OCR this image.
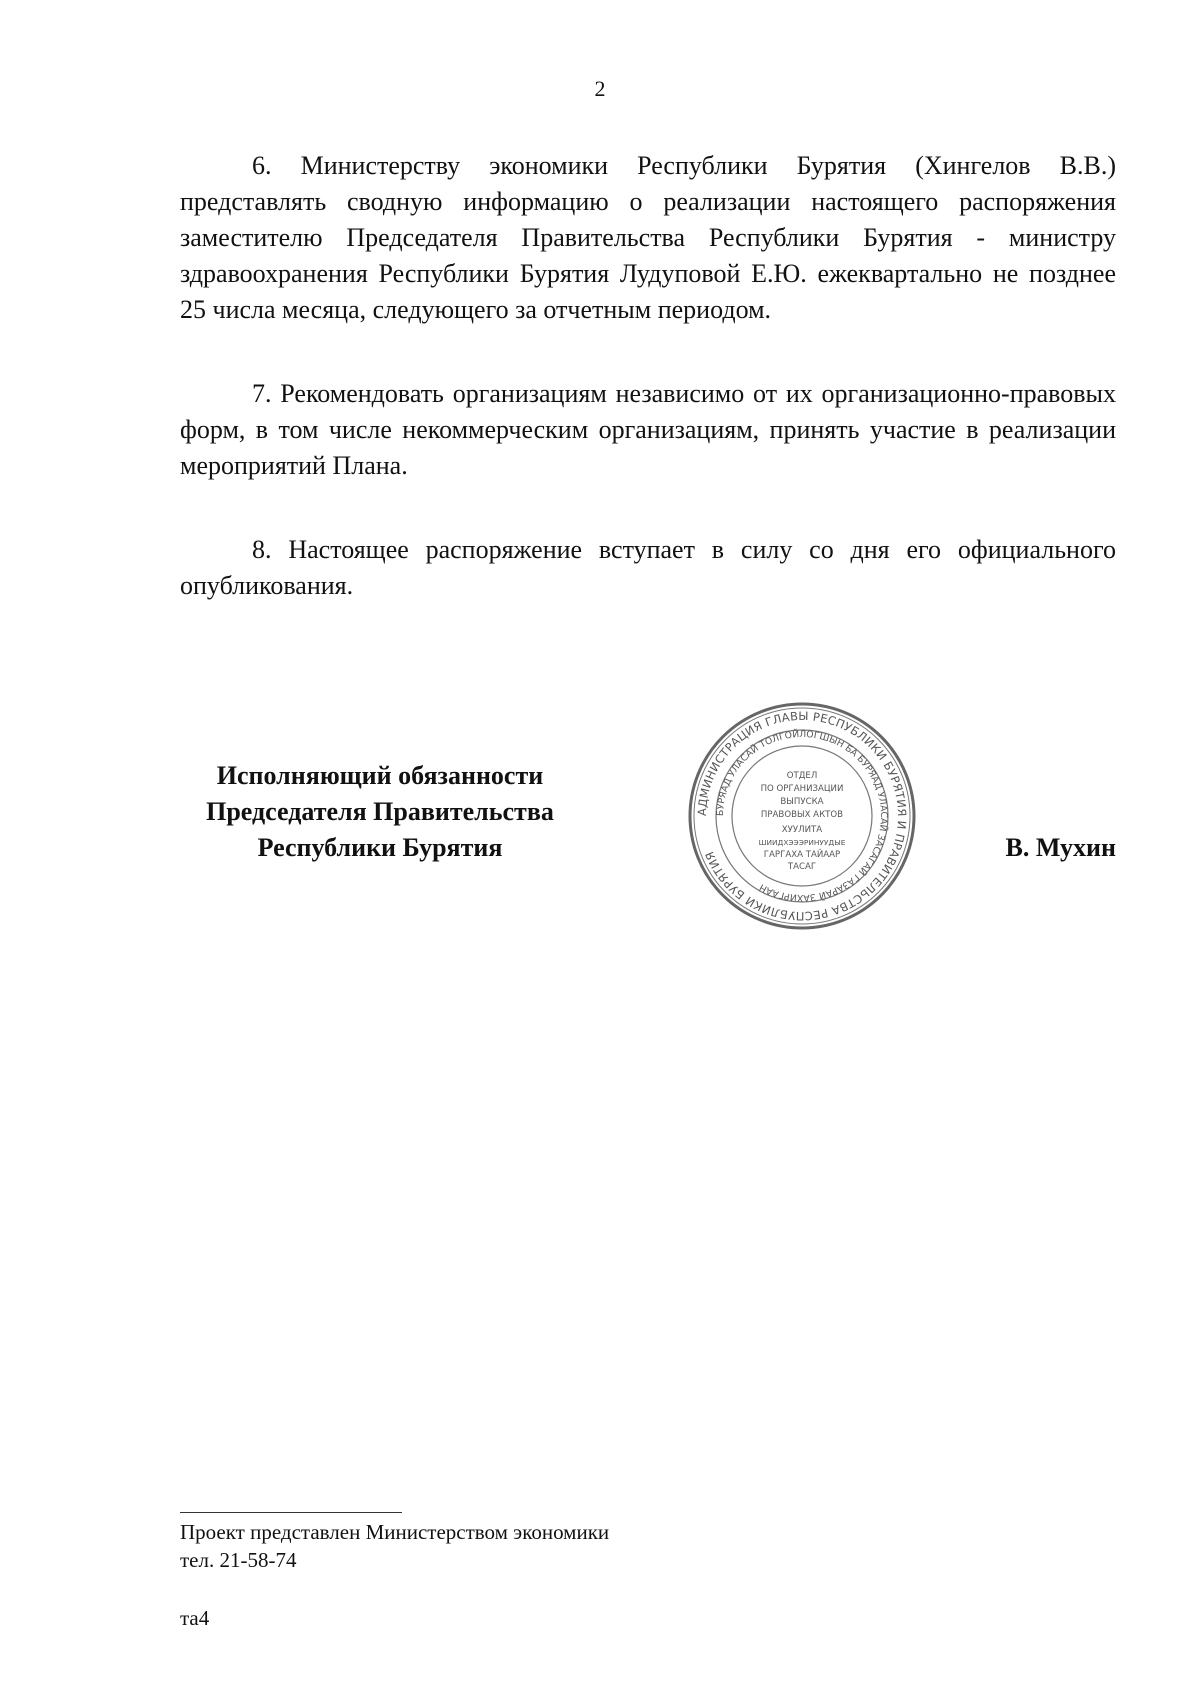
2

6. Министерству экономики Республики Бурятия (Хингелов В.В.) представлять сводную информацию о реализации настоящего распоряжения заместителю Председателя Правительства Республики Бурятия - министру здравоохранения Республики Бурятия Лудуповой Е.Ю. ежеквартально не позднее 25 числа месяца, следующего за отчетным периодом.

7. Рекомендовать организациям независимо от их организационно-правовых форм, в том числе некоммерческим организациям, принять участие в реализации мероприятий Плана.

8. Настоящее распоряжение вступает в силу со дня его официального опубликования.

Исполняющий обязанности
Председателя Правительства
Республики Бурятия
АДМИНИСТРАЦИЯ ГЛАВЫ РЕСПУБЛИКИ БУРЯТИЯ И ПРАВИТЕЛЬСТВА РЕСПУБЛИКИ БУРЯТИЯ
БУРЯАД УЛАСАЙ ТОЛГОЙЛОГШЫН БА БУРЯАД УЛАСАЙ ЗАСАГАЙ ГАЗАРАЙ ЗАХИРГААН
ОТДЕЛ
ПО ОРГАНИЗАЦИИ
ВЫПУСКА
ПРАВОВЫХ АКТОВ
ХУУЛИТА
ШИИДХЭЭЭРИНУУДЫЕ
ГАРГАХА ТАЙААР
ТАСАГ
В. Мухин
Проект представлен Министерством экономики
тел. 21-58-74
та4
